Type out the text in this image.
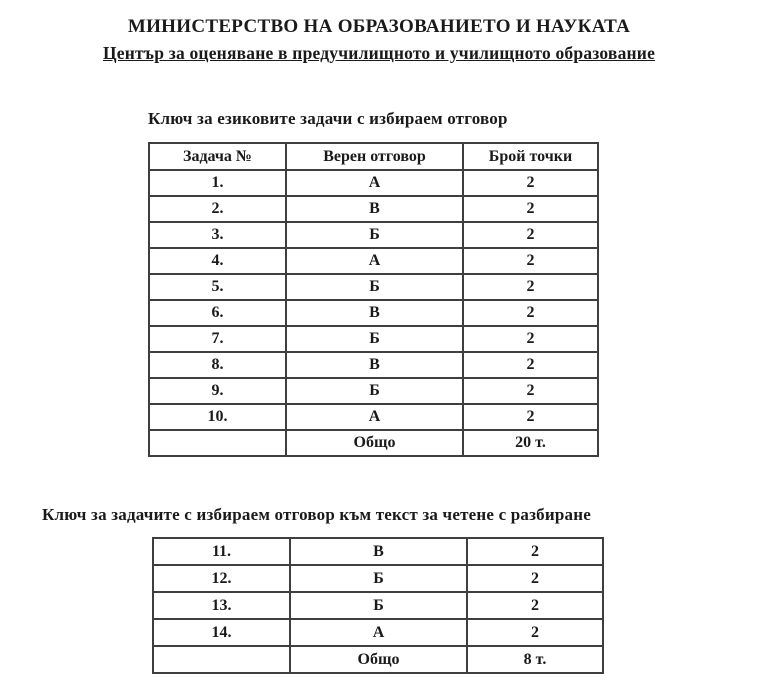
МИНИСТЕРСТВО НА ОБРАЗОВАНИЕТО И НАУКАТА
Център за оценяване в предучилищното и училищното образование
Ключ за езиковите задачи с избираем отговор
Задача №	Верен отговор	Брой точки
1.	А	2
2.	В	2
3.	Б	2
4.	А	2
5.	Б	2
6.	В	2
7.	Б	2
8.	В	2
9.	Б	2
10.	А	2
	Общо	20 т.
Ключ за задачите с избираем отговор към текст за четене с разбиране
11.	В	2
12.	Б	2
13.	Б	2
14.	А	2
	Общо	8 т.
